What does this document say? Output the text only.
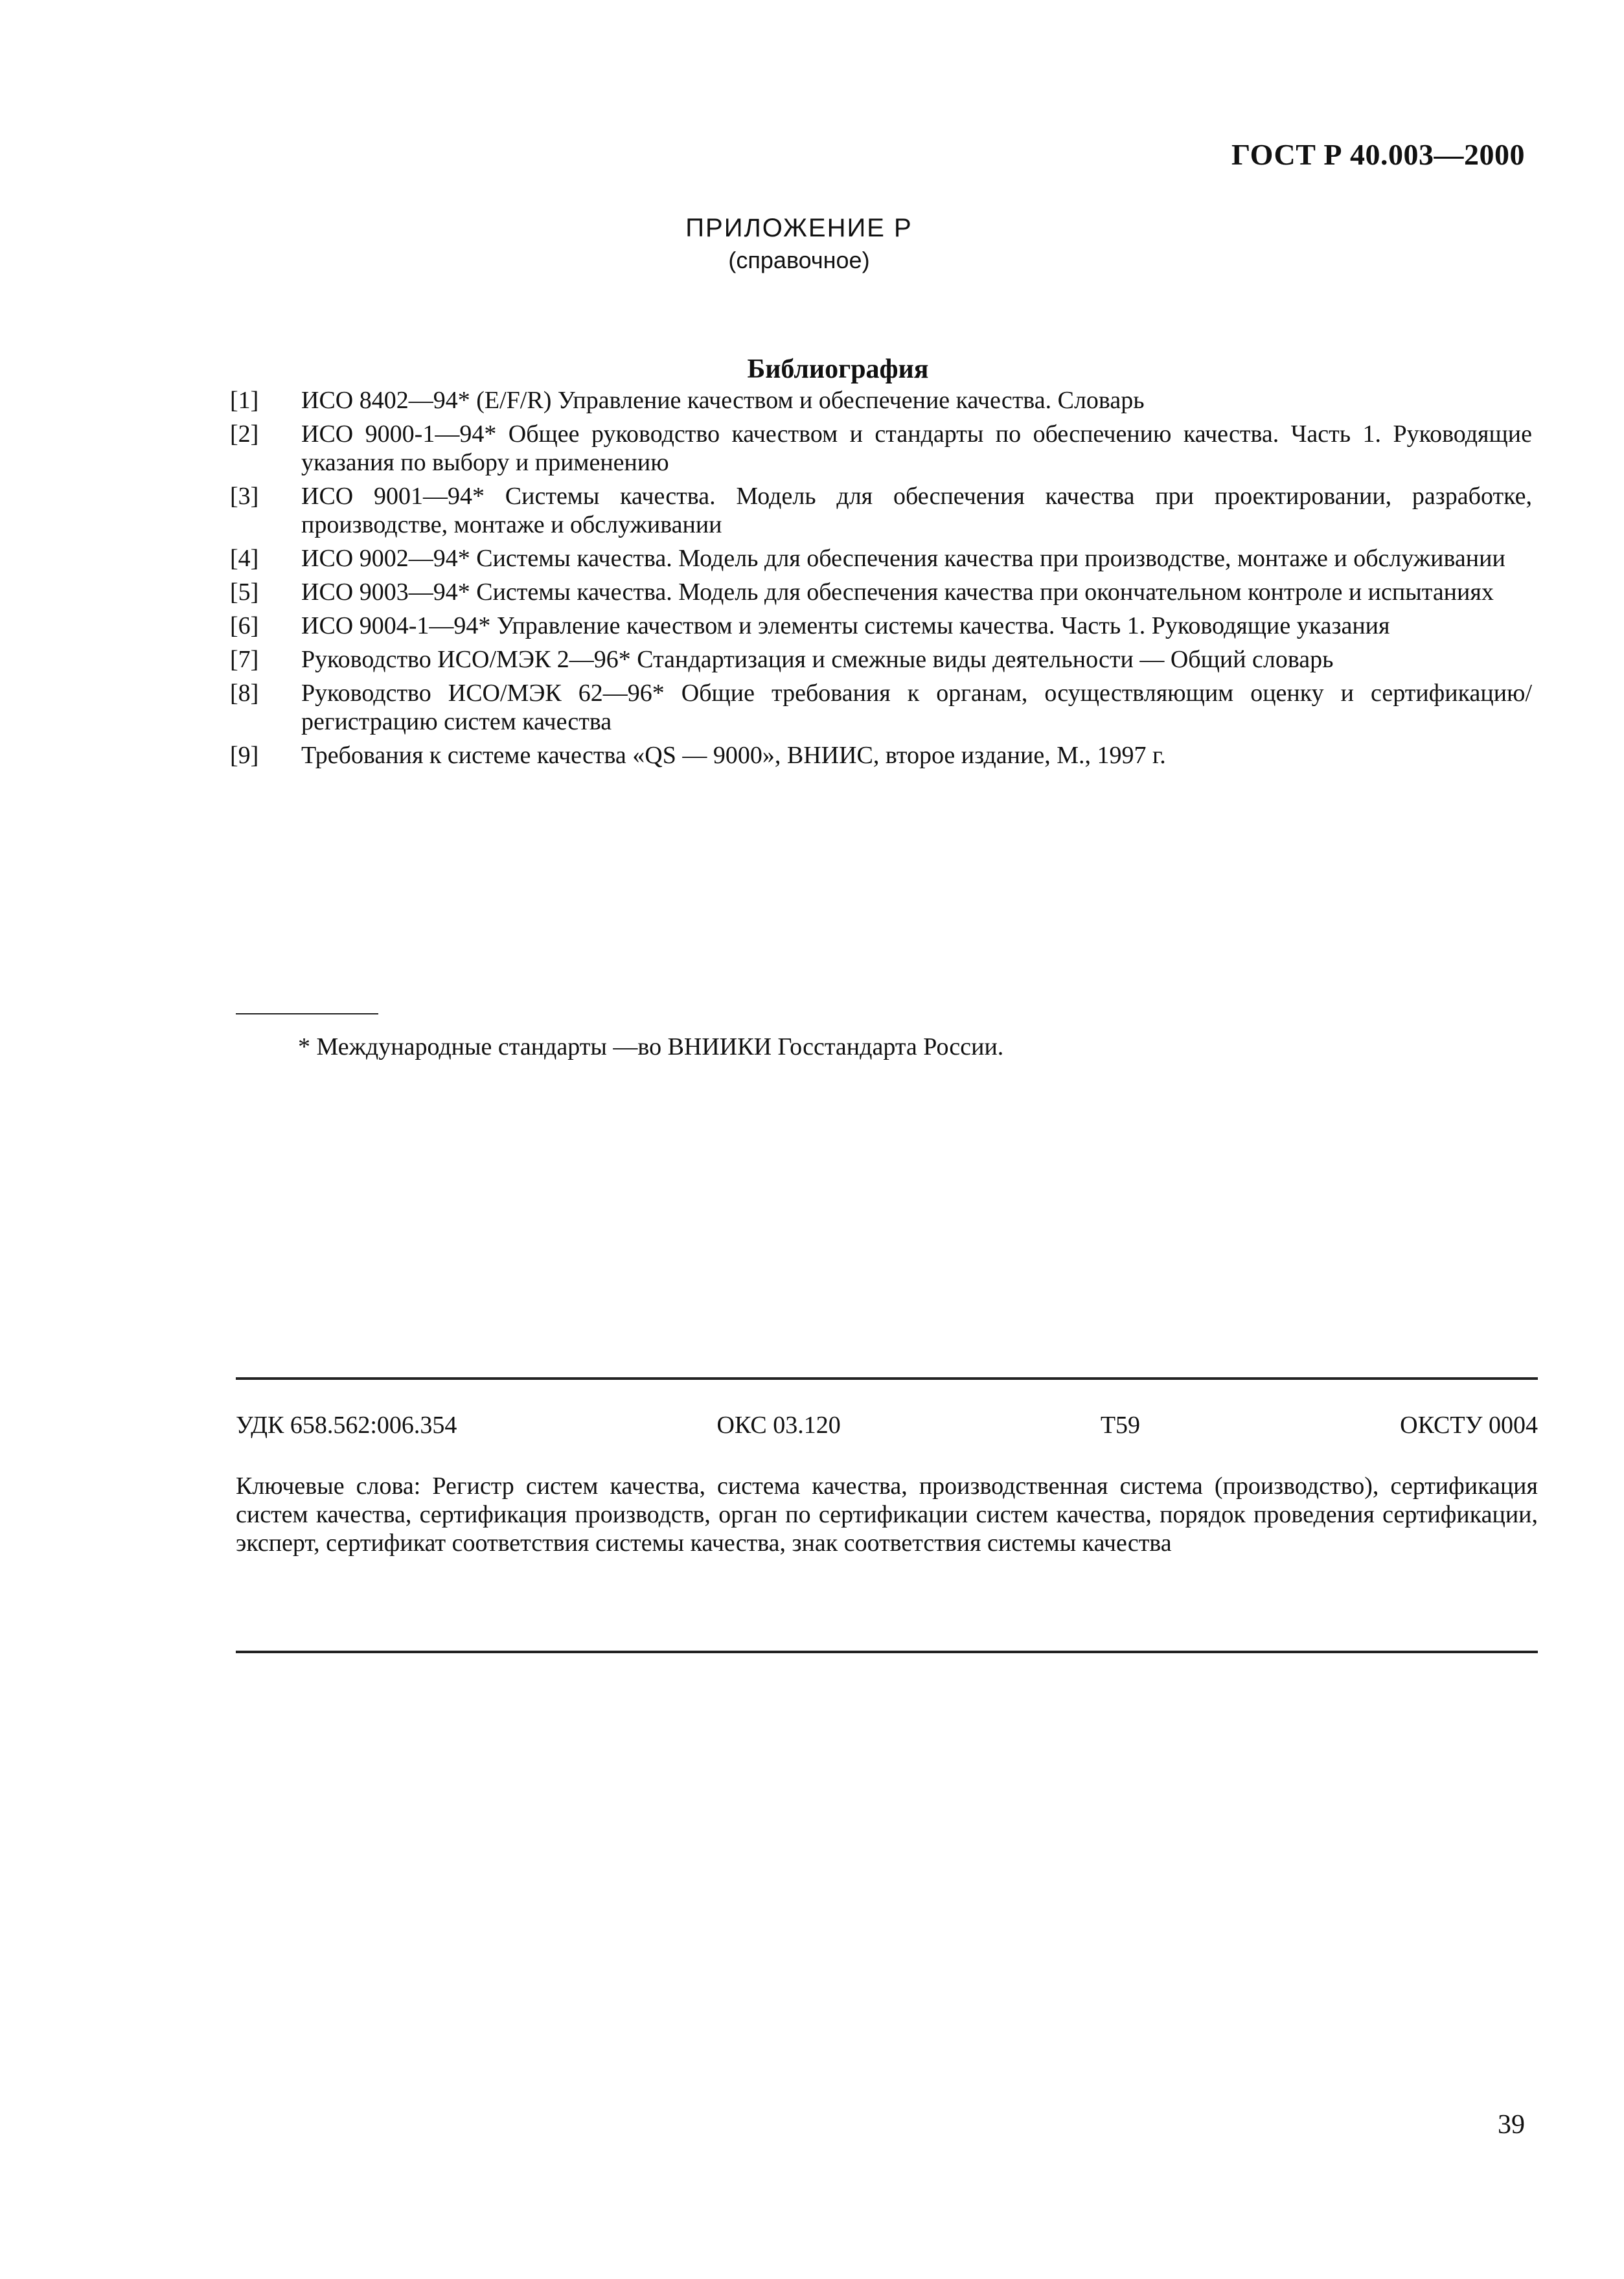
ГОСТ Р 40.003—2000
ПРИЛОЖЕНИЕ Р
(справочное)
Библиография
[1]	ИСО 8402—94* (E/F/R) Управление качеством и обеспечение качества. Словарь
[2]	ИСО 9000-1—94* Общее руководство качеством и стандарты по обеспечению качества. Часть 1. Руководящие указания по выбору и применению
[3]	ИСО 9001—94* Системы качества. Модель для обеспечения качества при проектировании, разработке, производстве, монтаже и обслуживании
[4]	ИСО 9002—94* Системы качества. Модель для обеспечения качества при производстве, монтаже и обслуживании
[5]	ИСО 9003—94* Системы качества. Модель для обеспечения качества при окончательном контроле и испытаниях
[6]	ИСО 9004-1—94* Управление качеством и элементы системы качества. Часть 1. Руководящие указания
[7]	Руководство ИСО/МЭК 2—96* Стандартизация и смежные виды деятельности — Общий словарь
[8]	Руководство ИСО/МЭК 62—96* Общие требования к органам, осуществляющим оценку и сертификацию/регистрацию систем качества
[9]	Требования к системе качества «QS — 9000», ВНИИС, второе издание, М., 1997 г.
* Международные стандарты —во ВНИИКИ Госстандарта России.
УДК 658.562:006.354	ОКС 03.120	Т59	ОКСТУ 0004
Ключевые слова: Регистр систем качества, система качества, производственная система (производство), сертификация систем качества, сертификация производств, орган по сертификации систем качества, порядок проведения сертификации, эксперт, сертификат соответствия системы качества, знак соответствия системы качества
39
